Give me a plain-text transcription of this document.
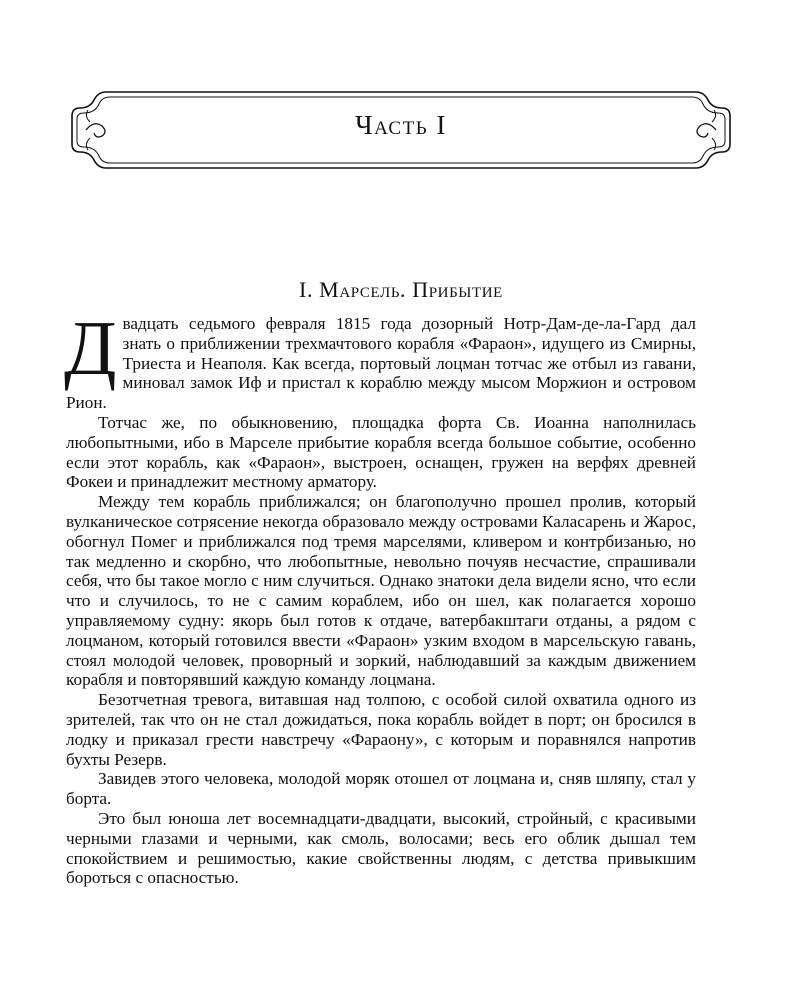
Часть I
I. Марсель. Прибытие

Двадцать седьмого февраля 1815 года дозорный Нотр-Дам-де-ла-Гард дал знать о приближении трехмачтового корабля «Фараон», идущего из Смирны, Триеста и Неаполя. Как всегда, портовый лоцман тотчас же отбыл из гавани, миновал замок Иф и пристал к кораблю между мысом Моржион и островом Рион.

Тотчас же, по обыкновению, площадка форта Св. Иоанна наполнилась любопытными, ибо в Марселе прибытие корабля всегда большое событие, особенно если этот корабль, как «Фараон», выстроен, оснащен, гружен на верфях древней Фокеи и принадлежит местному арматору.

Между тем корабль приближался; он благополучно прошел пролив, который вулканическое сотрясение некогда образовало между островами Каласарень и Жарос, обогнул Помег и приближался под тремя марселями, кливером и контрбизанью, но так медленно и скорбно, что любопытные, невольно почуяв несчастие, спрашивали себя, что бы такое могло с ним случиться. Однако знатоки дела видели ясно, что если что и случилось, то не с самим кораблем, ибо он шел, как полагается хорошо управляемому судну: якорь был готов к отдаче, ватербакштаги отданы, а рядом с лоцманом, который готовился ввести «Фараон» узким входом в марсельскую гавань, стоял молодой человек, проворный и зоркий, наблюдавший за каждым движением корабля и повторявший каждую команду лоцмана.

Безотчетная тревога, витавшая над толпою, с особой силой охватила одного из зрителей, так что он не стал дожидаться, пока корабль войдет в порт; он бросился в лодку и приказал грести навстречу «Фараону», с которым и поравнялся напротив бухты Резерв.

Завидев этого человека, молодой моряк отошел от лоцмана и, сняв шляпу, стал у борта.

Это был юноша лет восемнадцати-двадцати, высокий, стройный, с красивыми черными глазами и черными, как смоль, волосами; весь его облик дышал тем спокойствием и решимостью, какие свойственны людям, с детства привыкшим бороться с опасностью.
